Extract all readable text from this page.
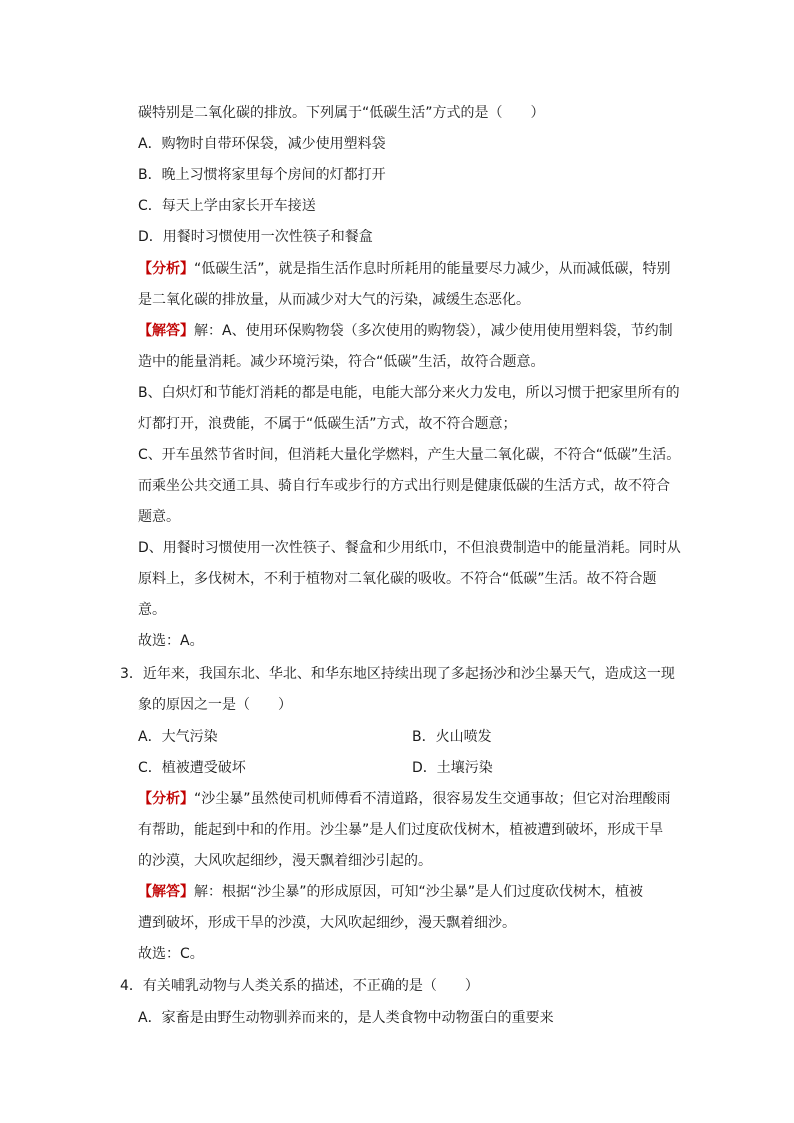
碳特别是二氧化碳的排放。下列属于“低碳生活”方式的是（　　）
A．购物时自带环保袋，减少使用塑料袋
B．晚上习惯将家里每个房间的灯都打开
C．每天上学由家长开车接送
D．用餐时习惯使用一次性筷子和餐盒
【分析】“低碳生活”，就是指生活作息时所耗用的能量要尽力减少，从而减低碳，特别
是二氧化碳的排放量，从而减少对大气的污染，减缓生态恶化。
【解答】解：A、使用环保购物袋（多次使用的购物袋），减少使用使用塑料袋，节约制
造中的能量消耗。减少环境污染，符合“低碳”生活，故符合题意。
B、白炽灯和节能灯消耗的都是电能，电能大部分来火力发电，所以习惯于把家里所有的
灯都打开，浪费能，不属于“低碳生活”方式，故不符合题意；
C、开车虽然节省时间，但消耗大量化学燃料，产生大量二氧化碳，不符合“低碳”生活。
而乘坐公共交通工具、骑自行车或步行的方式出行则是健康低碳的生活方式，故不符合
题意。
D、用餐时习惯使用一次性筷子、餐盒和少用纸巾，不但浪费制造中的能量消耗。同时从
原料上，多伐树木，不利于植物对二氧化碳的吸收。不符合“低碳”生活。故不符合题
意。
故选：A。
3．近年来，我国东北、华北、和华东地区持续出现了多起扬沙和沙尘暴天气，造成这一现
象的原因之一是（　　）
A．大气污染	B．火山喷发
C．植被遭受破坏	D．土壤污染
【分析】“沙尘暴”虽然使司机师傅看不清道路，很容易发生交通事故；但它对治理酸雨
有帮助，能起到中和的作用。沙尘暴”是人们过度砍伐树木，植被遭到破坏，形成干旱
的沙漠，大风吹起细纱，漫天飘着细沙引起的。
【解答】解：根据“沙尘暴”的形成原因，可知“沙尘暴”是人们过度砍伐树木，植被
遭到破坏，形成干旱的沙漠，大风吹起细纱，漫天飘着细沙。
故选：C。
4．有关哺乳动物与人类关系的描述，不正确的是（　　）
A．家畜是由野生动物驯养而来的，是人类食物中动物蛋白的重要来
